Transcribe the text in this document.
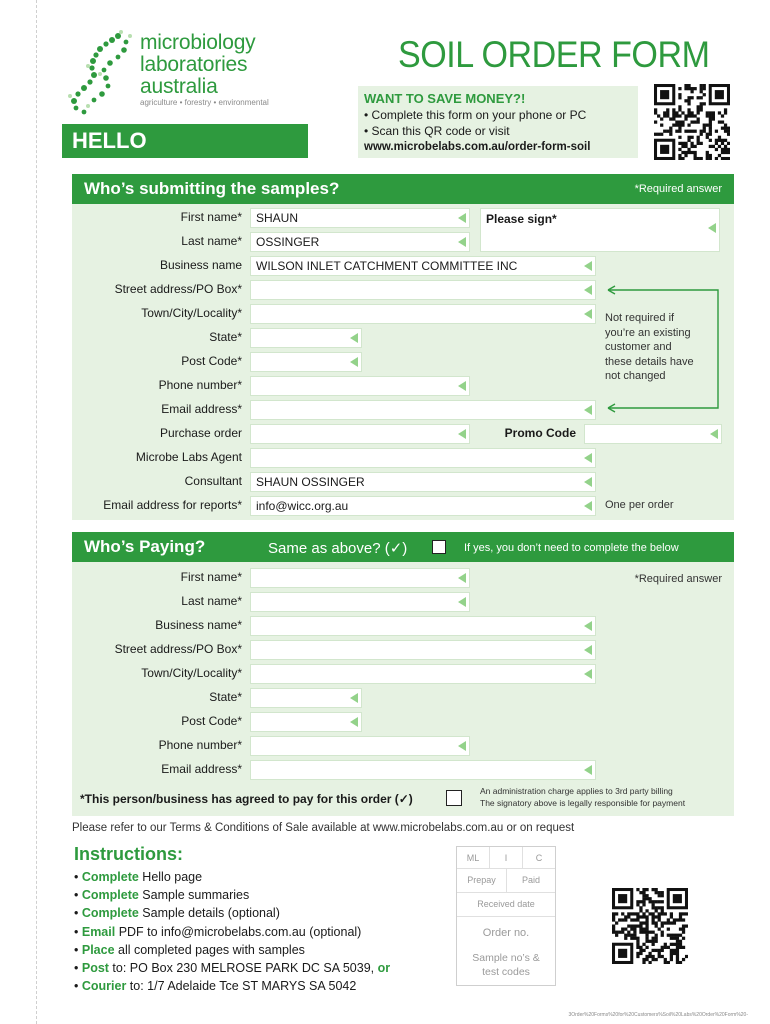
microbiology
laboratories
australia
agriculture • forestry • environmental
SOIL ORDER FORM
WANT TO SAVE MONEY?!
• Complete this form on your phone or PC
• Scan this QR code or visit
www.microbelabs.com.au/order-form-soil
HELLO
Who’s submitting the samples?	*Required answer
First name*	SHAUN	Please sign*
Last name*	OSSINGER
Business name	WILSON INLET CATCHMENT COMMITTEE INC
Street address/PO Box*
Town/City/Locality*
State*
Post Code*
Phone number*
Email address*
Purchase order	Promo Code
Microbe Labs Agent
Consultant	SHAUN OSSINGER
Email address for reports*	info@wicc.org.au	One per order
Not required if
you’re an existing
customer and
these details have
not changed
Who’s Paying?	Same as above? (✓) ✔ If yes, you don’t need to complete the below
*Required answer
First name*
Last name*
Business name*
Street address/PO Box*
Town/City/Locality*
State*
Post Code*
Phone number*
Email address*
*This person/business has agreed to pay for this order (✓)
An administration charge applies to 3rd party billing
The signatory above is legally responsible for payment
Please refer to our Terms & Conditions of Sale available at www.microbelabs.com.au or on request
Instructions:
• Complete Hello page
• Complete Sample summaries
• Complete Sample details (optional)
• Email PDF to info@microbelabs.com.au (optional)
• Place all completed pages with samples
• Post to: PO Box 230 MELROSE PARK DC SA 5039, or
• Courier to: 1/7 Adelaide Tce ST MARYS SA 5042
ML	I	C
Prepay	Paid
Received date
Order no.
Sample no’s &
test codes
3Order%20Forms%20for%20Customers%Soil%20Labs%20Order%20Form%20-
